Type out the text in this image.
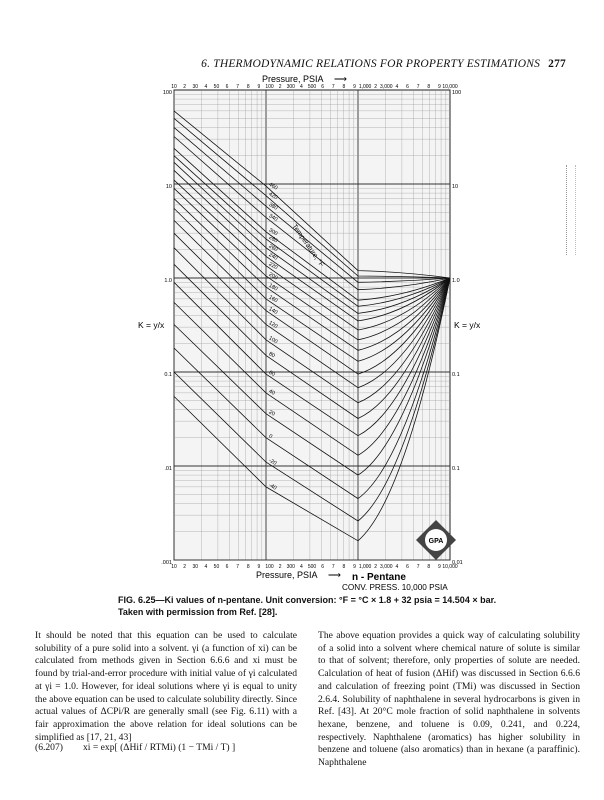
6. THERMODYNAMIC RELATIONS FOR PROPERTY ESTIMATIONS 277
460
420
380
340
300
280
260
240
220
200
180
160
140
120
100
80
60
40
20
0
-20
-40
Pressure, PSIA ⟶
Pressure, PSIA ⟶
K = y/x	K = y/x
Temperature, °F
n - Pentane
CONV. PRESS. 10,000 PSIA
GPA
10 2 30 4 50 6 7 8 9 100 2 300 4 500 6 7 8 9 1,000 2 3,000 4 6 7 8 9 10,000
10 2 30 4 50 6 7 8 9 100 2 300 4 500 6 7 8 9 1,000 2 3,000 4 6 7 8 9 10,000
100
10
1.0
0.1
.01
.001
100
10
1.0
0.1
0.1
0.01
FIG. 6.25—Ki values of n-pentane. Unit conversion: °F = °C × 1.8 + 32 psia = 14.504 × bar. Taken with permission from Ref. [28].

It should be noted that this equation can be used to calculate solubility of a pure solid into a solvent. γi (a function of xi) can be calculated from methods given in Section 6.6.6 and xi must be found by trial-and-error procedure with initial value of γi calculated at γi = 1.0. However, for ideal solutions where γi is equal to unity the above equation can be used to calculate solubility directly. Since actual values of ΔCPi/R are generally small (see Fig. 6.11) with a fair approximation the above relation for ideal solutions can be simplified as [17, 21, 43]

(6.207) xi = exp[ (ΔHif / RTMi) (1 − TMi / T) ]

The above equation provides a quick way of calculating solubility of a solid into a solvent where chemical nature of solute is similar to that of solvent; therefore, only properties of solute are needed. Calculation of heat of fusion (ΔHif) was discussed in Section 6.6.6 and calculation of freezing point (TMi) was discussed in Section 2.6.4. Solubility of naphthalene in several hydrocarbons is given in Ref. [43]. At 20°C mole fraction of solid naphthalene in solvents hexane, benzene, and toluene is 0.09, 0.241, and 0.224, respectively. Naphthalene (aromatics) has higher solubility in benzene and toluene (also aromatics) than in hexane (a paraffinic). Naphthalene
